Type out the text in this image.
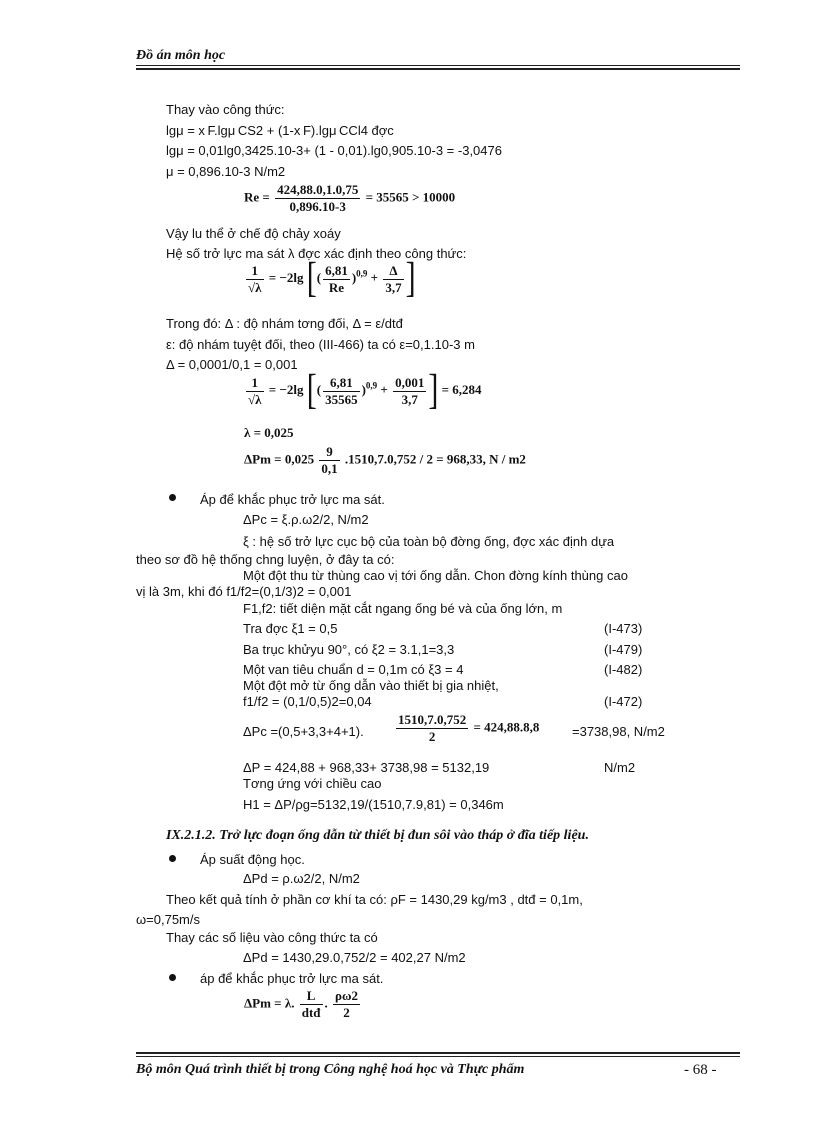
Đồ án môn học
Thay vào công thức:
lgμ = x F.lgμ CS2 + (1-x F).lgμ CCl4 đợc
lgμ = 0,01lg0,3425.10-3+ (1 - 0,01).lg0,905.10-3 = -3,0476
μ = 0,896.10-3 N/m2
$Re = \frac{424,88.0,1.0,75}{0,896.10-3} = 35565 > 10000$
Vậy lu thể ở chế độ chảy xoáy
Hệ số trở lực ma sát λ đợc xác định theo công thức:
$\frac{1}{√\lambda} = -2\lg$ [( $\frac{6,81}{Re} )^{0,9} + \frac{\Delta}{3,7}$ ]
Trong đó: Δ : độ nhám tơng đối, Δ = ε/dtđ
ε: độ nhám tuyệt đối, theo (III-466) ta có ε=0,1.10-3 m
Δ = 0,0001/0,1 = 0,001
$\frac{1}{√\lambda} = -2\lg$ [( $\frac{6,81}{35565} )^{0,9} + \frac{0,001}{3,7}$ ] = 6,284
λ = 0,025
$\Delta Pm = 0,025 \frac{9}{0,1} .1510,7.0,752 / 2 = 968,33$, N / m2
Áp để khắc phục trở lực ma sát.
ΔPc = ξ.ρ.ω2/2, N/m2
ξ : hệ số trở lực cục bộ của toàn bộ đờng ống, đợc xác định dựa
theo sơ đồ hệ thống chng luyện, ở đây ta có:
Một đột thu từ thùng cao vị tới ống dẫn. Chon đờng kính thùng cao
vị là 3m, khi đó f1/f2=(0,1/3)2 = 0,001
F1,f2: tiết diện mặt cắt ngang ống bé và của ống lớn, m
Tra đợc ξ1 = 0,5	(I-473)
Ba trục khửyu 90°, có ξ2 = 3.1,1=3,3	(I-479)
Một van tiêu chuẩn d = 0,1m có ξ3 = 4	(I-482)
Một đột mở từ ống dẫn vào thiết bị gia nhiệt,
f1/f2 = (0,1/0,5)2=0,04	(I-472)
ΔPc =(0,5+3,3+4+1). $\frac{1510,7.0,752}{2} = 424,88.8,8$	=3738,98, N/m2
ΔP = 424,88 + 968,33+ 3738,98 = 5132,19	N/m2
Tơng ứng với chiều cao
H1 = ΔP/ρg=5132,19/(1510,7.9,81) = 0,346m
IX.2.1.2. Trở lực đoạn ống dẫn từ thiết bị đun sôi vào tháp ở đĩa tiếp liệu.
Áp suất động học.
ΔPd = ρ.ω2/2, N/m2
Theo kết quả tính ở phần cơ khí ta có: ρF = 1430,29 kg/m3 , dtđ = 0,1m,
ω=0,75m/s
Thay các số liệu vào công thức ta có
ΔPd = 1430,29.0,752/2 = 402,27 N/m2
áp để khắc phục trở lực ma sát.
ΔPm = λ. $\frac{L}{\text{dtđ}}$ . $\frac{\rho\omega 2}{2}$
Bộ môn Quá trình thiết bị trong Công nghệ hoá học và Thực phẩm	- 68 -
